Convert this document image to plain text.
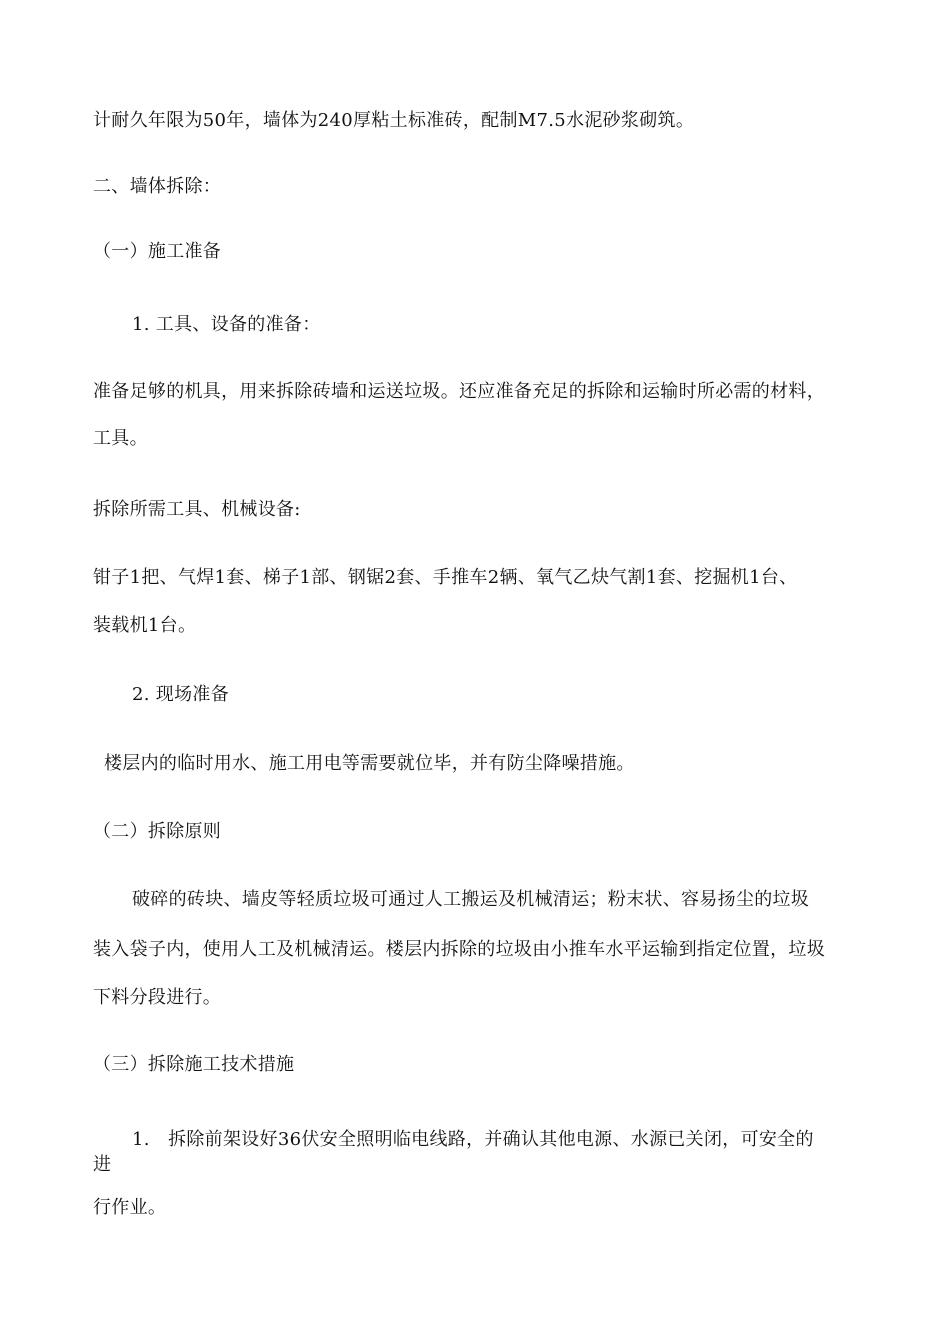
计耐久年限为50年，墙体为240厚粘土标准砖，配制M7.5水泥砂浆砌筑。
二、墙体拆除：
（一）施工准备
1. 工具、设备的准备：
准备足够的机具，用来拆除砖墙和运送垃圾。还应准备充足的拆除和运输时所必需的材料，
工具。
拆除所需工具、机械设备:
钳子1把、气焊1套、梯子1部、钢锯2套、手推车2辆、氧气乙炔气割1套、挖掘机1台、
装载机1台。
2. 现场准备
楼层内的临时用水、施工用电等需要就位毕，并有防尘降噪措施。
（二）拆除原则
破碎的砖块、墙皮等轻质垃圾可通过人工搬运及机械清运；粉末状、容易扬尘的垃圾
装入袋子内，使用人工及机械清运。楼层内拆除的垃圾由小推车水平运输到指定位置，垃圾
下料分段进行。
（三）拆除施工技术措施
1.　拆除前架设好36伏安全照明临电线路，并确认其他电源、水源已关闭，可安全的
进
行作业。
